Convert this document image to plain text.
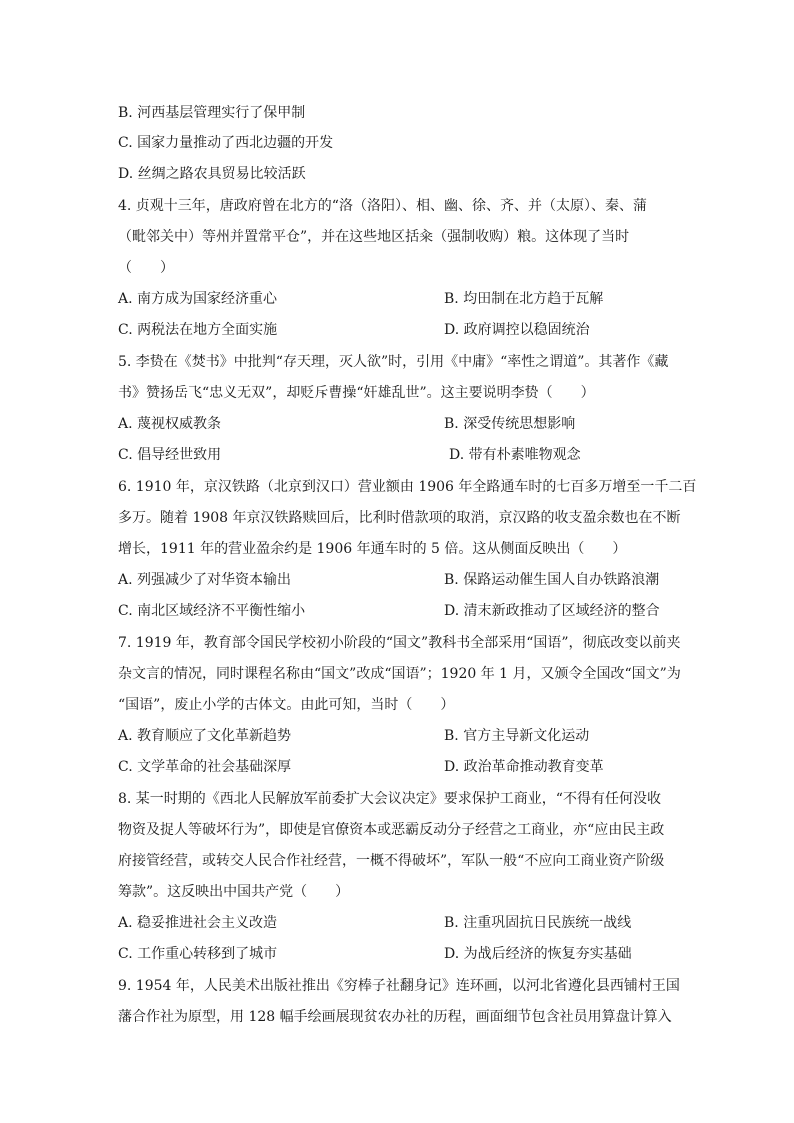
B. 河西基层管理实行了保甲制
C. 国家力量推动了西北边疆的开发
D. 丝绸之路农具贸易比较活跃
4. 贞观十三年，唐政府曾在北方的“洛（洛阳）、相、幽、徐、齐、并（太原）、秦、蒲
（毗邻关中）等州并置常平仓”，并在这些地区括籴（强制收购）粮。这体现了当时
（　　）
A. 南方成为国家经济重心	B. 均田制在北方趋于瓦解
C. 两税法在地方全面实施	D. 政府调控以稳固统治
5. 李贽在《焚书》中批判“存天理，灭人欲”时，引用《中庸》“率性之谓道”。其著作《藏
书》赞扬岳飞“忠义无双”，却贬斥曹操“奸雄乱世”。这主要说明李贽（　　）
A. 蔑视权威教条	B. 深受传统思想影响
C. 倡导经世致用	D. 带有朴素唯物观念
6. 1910 年，京汉铁路（北京到汉口）营业额由 1906 年全路通车时的七百多万增至一千二百
多万。随着 1908 年京汉铁路赎回后，比利时借款项的取消，京汉路的收支盈余数也在不断
增长，1911 年的营业盈余约是 1906 年通车时的 5 倍。这从侧面反映出（　　）
A. 列强减少了对华资本输出	B. 保路运动催生国人自办铁路浪潮
C. 南北区域经济不平衡性缩小	D. 清末新政推动了区域经济的整合
7. 1919 年，教育部令国民学校初小阶段的“国文”教科书全部采用“国语”，彻底改变以前夹
杂文言的情况，同时课程名称由“国文”改成“国语”；1920 年 1 月，又颁令全国改“国文”为
“国语”，废止小学的古体文。由此可知，当时（　　）
A. 教育顺应了文化革新趋势	B. 官方主导新文化运动
C. 文学革命的社会基础深厚	D. 政治革命推动教育变革
8. 某一时期的《西北人民解放军前委扩大会议决定》要求保护工商业，“不得有任何没收
物资及捉人等破坏行为”，即使是官僚资本或恶霸反动分子经营之工商业，亦“应由民主政
府接管经营，或转交人民合作社经营，一概不得破坏”，军队一般“不应向工商业资产阶级
筹款”。这反映出中国共产党（　　）
A. 稳妥推进社会主义改造	B. 注重巩固抗日民族统一战线
C. 工作重心转移到了城市	D. 为战后经济的恢复夯实基础
9. 1954 年，人民美术出版社推出《穷棒子社翻身记》连环画，以河北省遵化县西铺村王国
藩合作社为原型，用 128 幅手绘画展现贫农办社的历程，画面细节包含社员用算盘计算入
